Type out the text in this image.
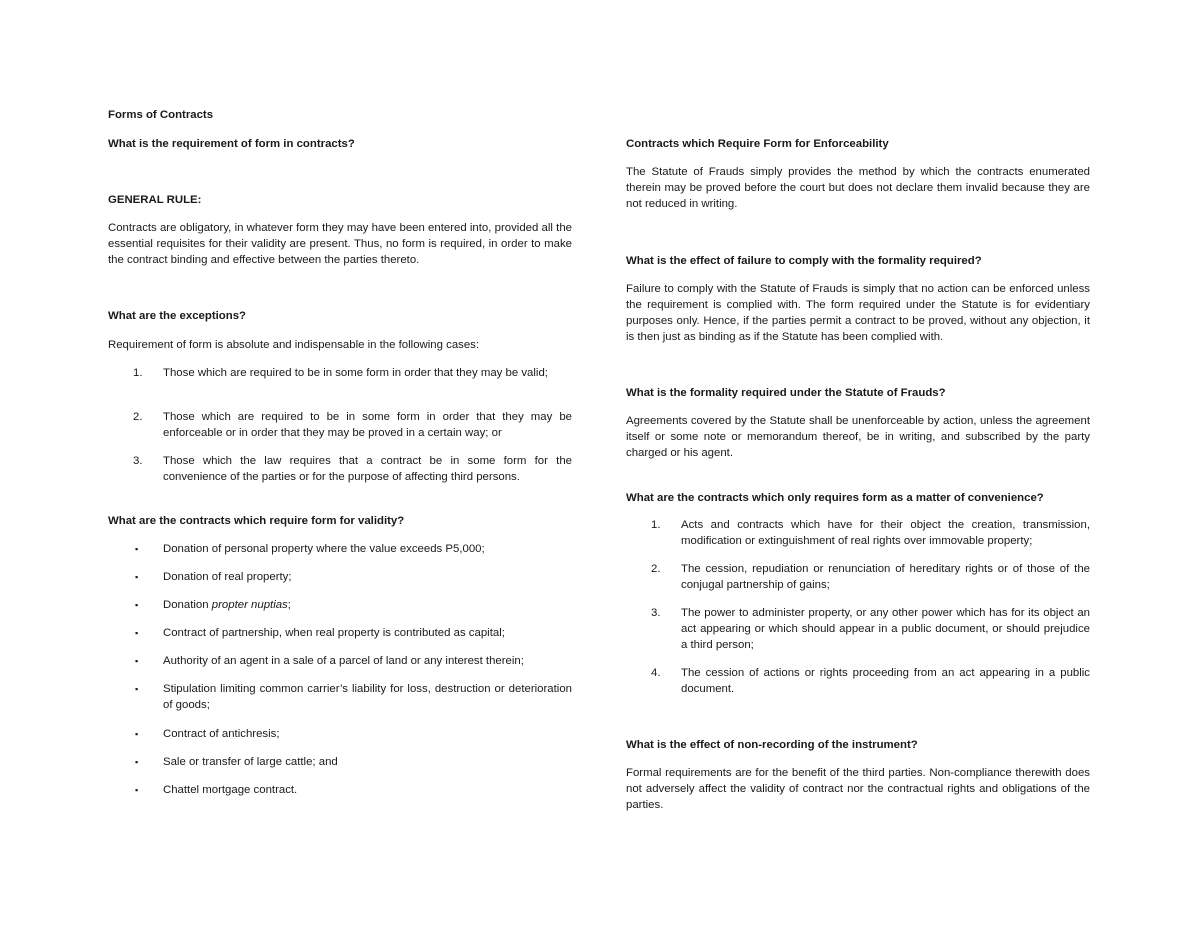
Forms of Contracts

What is the requirement of form in contracts?

GENERAL RULE:

Contracts are obligatory, in whatever form they may have been entered into, provided all the essential requisites for their validity are present. Thus, no form is required, in order to make the contract binding and effective between the parties thereto.

What are the exceptions?

Requirement of form is absolute and indispensable in the following cases:

1. Those which are required to be in some form in order that they may be valid;
2. Those which are required to be in some form in order that they may be enforceable or in order that they may be proved in a certain way; or
3. Those which the law requires that a contract be in some form for the convenience of the parties or for the purpose of affecting third persons.

What are the contracts which require form for validity?

▪ Donation of personal property where the value exceeds P5,000;
▪ Donation of real property;
▪ Donation propter nuptias;
▪ Contract of partnership, when real property is contributed as capital;
▪ Authority of an agent in a sale of a parcel of land or any interest therein;
▪ Stipulation limiting common carrier’s liability for loss, destruction or deterioration of goods;
▪ Contract of antichresis;
▪ Sale or transfer of large cattle; and
▪ Chattel mortgage contract.

Contracts which Require Form for Enforceability

The Statute of Frauds simply provides the method by which the contracts enumerated therein may be proved before the court but does not declare them invalid because they are not reduced in writing.

What is the effect of failure to comply with the formality required?

Failure to comply with the Statute of Frauds is simply that no action can be enforced unless the requirement is complied with. The form required under the Statute is for evidentiary purposes only. Hence, if the parties permit a contract to be proved, without any objection, it is then just as binding as if the Statute has been complied with.

What is the formality required under the Statute of Frauds?

Agreements covered by the Statute shall be unenforceable by action, unless the agreement itself or some note or memorandum thereof, be in writing, and subscribed by the party charged or his agent.

What are the contracts which only requires form as a matter of convenience?

1. Acts and contracts which have for their object the creation, transmission, modification or extinguishment of real rights over immovable property;
2. The cession, repudiation or renunciation of hereditary rights or of those of the conjugal partnership of gains;
3. The power to administer property, or any other power which has for its object an act appearing or which should appear in a public document, or should prejudice a third person;
4. The cession of actions or rights proceeding from an act appearing in a public document.

What is the effect of non-recording of the instrument?

Formal requirements are for the benefit of the third parties. Non-compliance therewith does not adversely affect the validity of contract nor the contractual rights and obligations of the parties.
